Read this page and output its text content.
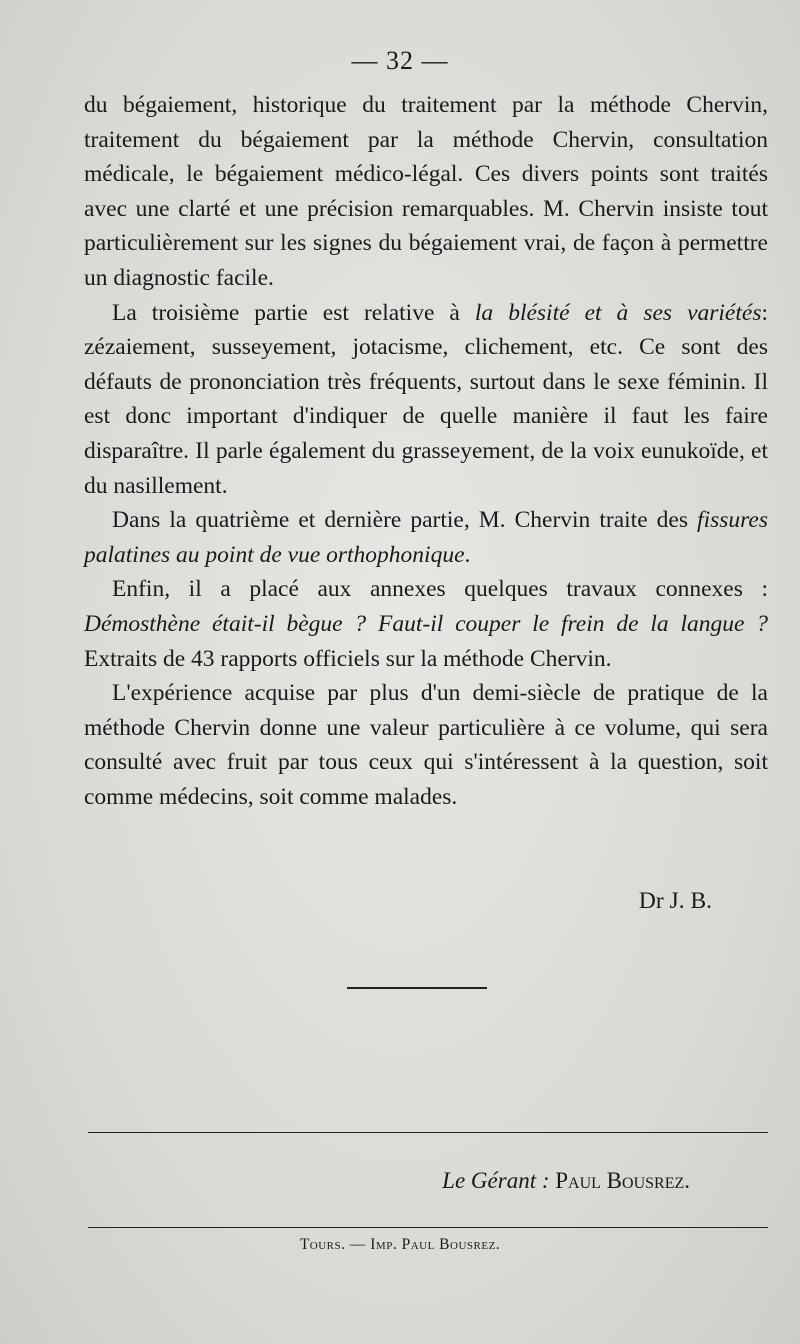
— 32 —

du bégaiement, historique du traitement par la méthode Chervin, traitement du bégaiement par la méthode Chervin, consultation médicale, le bégaiement médico-légal. Ces divers points sont traités avec une clarté et une précision remarquables. M. Chervin insiste tout particulièrement sur les signes du bégaiement vrai, de façon à permettre un diagnostic facile.

La troisième partie est relative à la blésité et à ses variétés: zézaiement, susseyement, jotacisme, clichement, etc. Ce sont des défauts de prononciation très fréquents, surtout dans le sexe féminin. Il est donc important d'indiquer de quelle manière il faut les faire disparaître. Il parle également du grasseyement, de la voix eunukoïde, et du nasillement.

Dans la quatrième et dernière partie, M. Chervin traite des fissures palatines au point de vue orthophonique.

Enfin, il a placé aux annexes quelques travaux connexes : Démosthène était-il bègue ? Faut-il couper le frein de la langue ? Extraits de 43 rapports officiels sur la méthode Chervin.

L'expérience acquise par plus d'un demi-siècle de pratique de la méthode Chervin donne une valeur particulière à ce volume, qui sera consulté avec fruit par tous ceux qui s'intéressent à la question, soit comme médecins, soit comme malades.

Dr J. B.
Le Gérant : Paul Bousrez.
Tours. — Imp. Paul Bousrez.
